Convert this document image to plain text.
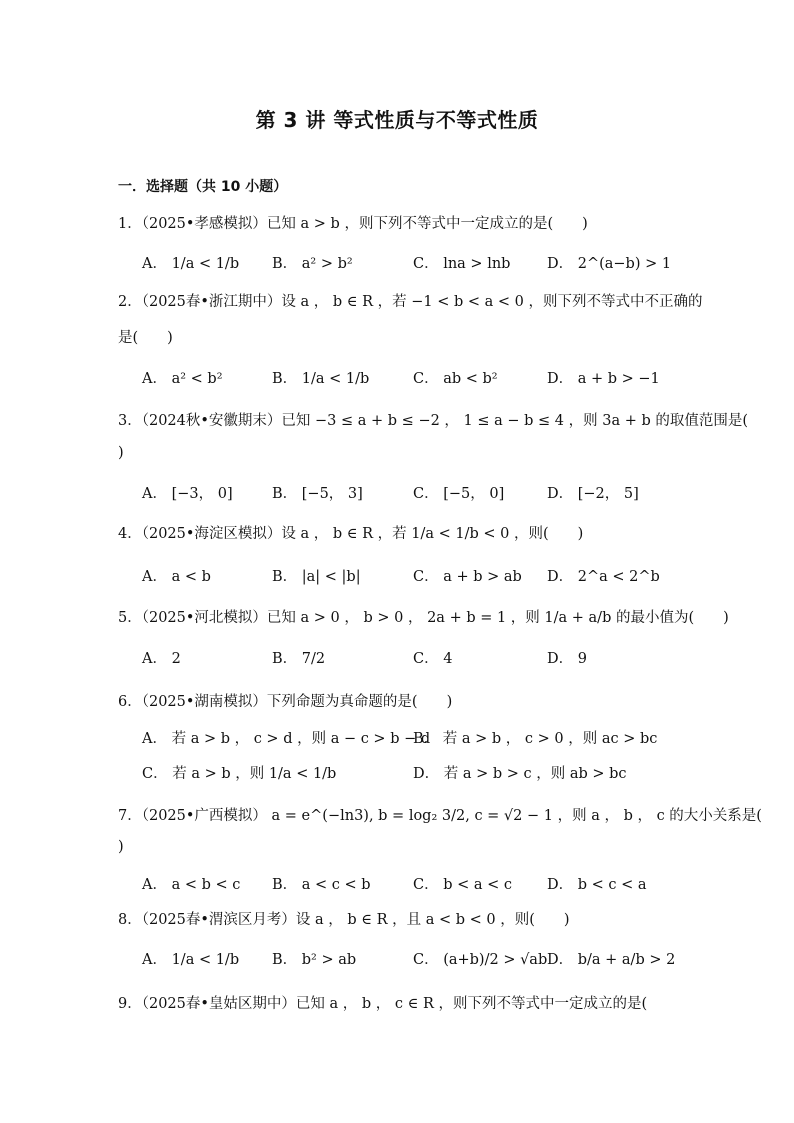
第 3 讲 等式性质与不等式性质
一．选择题（共 10 小题）
1．（2025•孝感模拟）已知 a > b ，则下列不等式中一定成立的是(　　)
A． 1/a < 1/b B． a² > b²	C． lna > lnb	D． 2^(a−b) > 1
2．（2025春•浙江期中）设 a ， b ∈ R ，若 −1 < b < a < 0 ，则下列不等式中不正确的
是(　　)
A． a² < b²	B． 1/a < 1/b	C． ab < b²	D． a + b > −1
3．（2024秋•安徽期末）已知 −3 ≤ a + b ≤ −2 ， 1 ≤ a − b ≤ 4 ，则 3a + b 的取值范围是(
)
A． [−3， 0]	B． [−5， 3]	C． [−5， 0]	D． [−2， 5]
4．（2025•海淀区模拟）设 a ， b ∈ R ，若 1/a < 1/b < 0 ，则(　　)
A． a < b	B． |a| < |b|	C． a + b > ab D． 2^a < 2^b
5．（2025•河北模拟）已知 a > 0 ， b > 0 ， 2a + b = 1 ，则 1/a + a/b 的最小值为(　　)
A． 2	B． 7/2	C． 4	D． 9
6．（2025•湖南模拟）下列命题为真命题的是(　　)
A． 若 a > b ， c > d ，则 a − c > b − d
B． 若 a > b ， c > 0 ，则 ac > bc
C． 若 a > b ，则 1/a < 1/b	D． 若 a > b > c ，则 ab > bc
7．（2025•广西模拟） a = e^(−ln3), b = log₂ 3/2, c = √2 − 1 ，则 a ， b ， c 的大小关系是(
)
A． a < b < c B． a < c < b	C． b < a < c D． b < c < a
8．（2025春•渭滨区月考）设 a ， b ∈ R ，且 a < b < 0 ，则(　　)
A． 1/a < 1/b B． b² > ab	C． (a+b)/2 > √ab D． b/a + a/b > 2
9．（2025春•皇姑区期中）已知 a ， b ， c ∈ R ，则下列不等式中一定成立的是(
